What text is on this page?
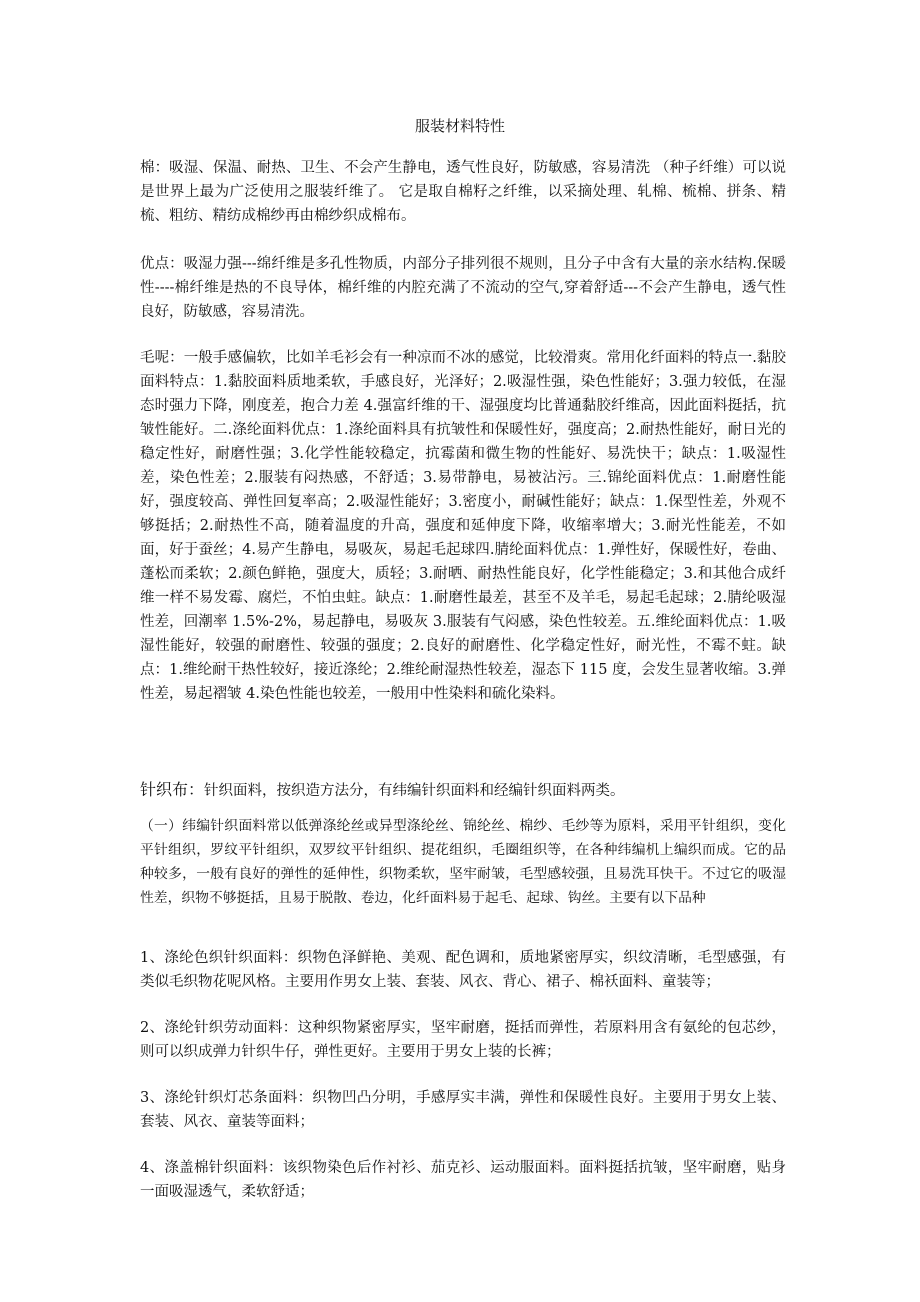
服装材料特性

棉：吸湿、保温、耐热、卫生、不会产生静电，透气性良好，防敏感，容易清洗 （种子纤维）可以说是世界上最为广泛使用之服装纤维了。 它是取自棉籽之纤维，以采摘处理、轧棉、梳棉、拼条、精梳、粗纺、精纺成棉纱再由棉纱织成棉布。

优点：吸湿力强---绵纤维是多孔性物质，内部分子排列很不规则，且分子中含有大量的亲水结构.保暖性----棉纤维是热的不良导体，棉纤维的内腔充满了不流动的空气,穿着舒适---不会产生静电，透气性良好，防敏感，容易清洗。

毛呢：一般手感偏软，比如羊毛衫会有一种凉而不冰的感觉，比较滑爽。常用化纤面料的特点一.黏胶面料特点：1.黏胶面料质地柔软，手感良好，光泽好；2.吸湿性强，染色性能好；3.强力较低，在湿态时强力下降，刚度差，抱合力差 4.强富纤维的干、湿强度均比普通黏胶纤维高，因此面料挺括，抗皱性能好。二.涤纶面料优点：1.涤纶面料具有抗皱性和保暖性好，强度高；2.耐热性能好，耐日光的稳定性好，耐磨性强；3.化学性能较稳定，抗霉菌和微生物的性能好、易洗快干；缺点：1.吸湿性差，染色性差；2.服装有闷热感，不舒适；3.易带静电，易被沾污。三.锦纶面料优点：1.耐磨性能好，强度较高、弹性回复率高；2.吸湿性能好；3.密度小，耐碱性能好；缺点：1.保型性差，外观不够挺括；2.耐热性不高，随着温度的升高，强度和延伸度下降，收缩率增大；3.耐光性能差，不如面，好于蚕丝；4.易产生静电，易吸灰，易起毛起球四.腈纶面料优点：1.弹性好，保暖性好，卷曲、蓬松而柔软；2.颜色鲜艳，强度大，质轻；3.耐晒、耐热性能良好，化学性能稳定；3.和其他合成纤维一样不易发霉、腐烂，不怕虫蛀。缺点：1.耐磨性最差，甚至不及羊毛，易起毛起球；2.腈纶吸湿性差，回潮率 1.5%-2%，易起静电，易吸灰 3.服装有气闷感，染色性较差。五.维纶面料优点：1.吸湿性能好，较强的耐磨性、较强的强度；2.良好的耐磨性、化学稳定性好，耐光性，不霉不蛀。缺点：1.维纶耐干热性较好，接近涤纶；2.维纶耐湿热性较差，湿态下 115 度，会发生显著收缩。3.弹性差，易起褶皱 4.染色性能也较差，一般用中性染料和硫化染料。

针织布：针织面料，按织造方法分，有纬编针织面料和经编针织面料两类。

（一）纬编针织面料常以低弹涤纶丝或异型涤纶丝、锦纶丝、棉纱、毛纱等为原料，采用平针组织，变化平针组织，罗纹平针组织，双罗纹平针组织、提花组织，毛圈组织等，在各种纬编机上编织而成。它的品种较多，一般有良好的弹性的延伸性，织物柔软，坚牢耐皱，毛型感较强，且易洗耳快干。不过它的吸湿性差，织物不够挺括，且易于脱散、卷边，化纤面料易于起毛、起球、钩丝。主要有以下品种

1、涤纶色织针织面料：织物色泽鲜艳、美观、配色调和，质地紧密厚实，织纹清晰，毛型感强，有类似毛织物花呢风格。主要用作男女上装、套装、风衣、背心、裙子、棉袄面料、童装等；

2、涤纶针织劳动面料：这种织物紧密厚实，坚牢耐磨，挺括而弹性，若原料用含有氨纶的包芯纱，则可以织成弹力针织牛仔，弹性更好。主要用于男女上装的长裤；

3、涤纶针织灯芯条面料：织物凹凸分明，手感厚实丰满，弹性和保暖性良好。主要用于男女上装、套装、风衣、童装等面料；

4、涤盖棉针织面料：该织物染色后作衬衫、茄克衫、运动服面料。面料挺括抗皱，坚牢耐磨，贴身一面吸湿透气，柔软舒适；
